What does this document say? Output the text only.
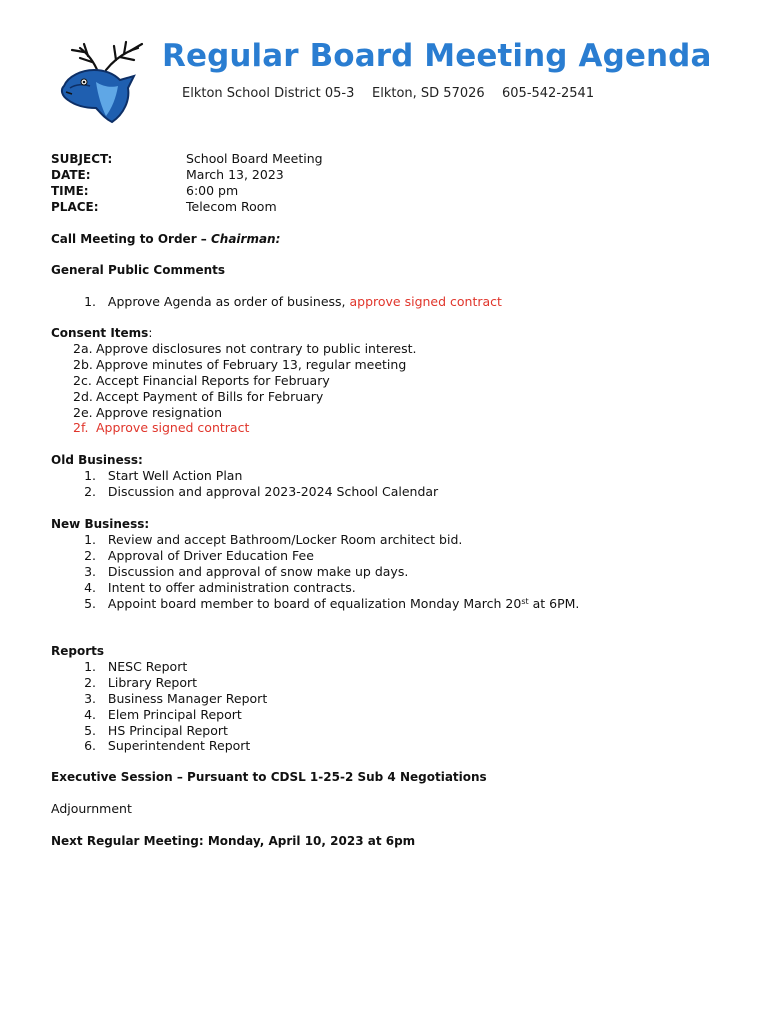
Regular Board Meeting Agenda
Elkton School District 05-3 Elkton, SD 57026 605-542-2541
SUBJECT:	School Board Meeting
DATE:	March 13, 2023
TIME:	6:00 pm
PLACE:	Telecom Room
Call Meeting to Order – Chairman:
General Public Comments
1. Approve Agenda as order of business, approve signed contract
Consent Items:
2a. Approve disclosures not contrary to public interest.
2b. Approve minutes of February 13, regular meeting
2c. Accept Financial Reports for February
2d. Accept Payment of Bills for February
2e. Approve resignation
2f. Approve signed contract
Old Business:
1. Start Well Action Plan
2. Discussion and approval 2023-2024 School Calendar
New Business:
1. Review and accept Bathroom/Locker Room architect bid.
2. Approval of Driver Education Fee
3. Discussion and approval of snow make up days.
4. Intent to offer administration contracts.
5. Appoint board member to board of equalization Monday March 20st at 6PM.
Reports
1. NESC Report
2. Library Report
3. Business Manager Report
4. Elem Principal Report
5. HS Principal Report
6. Superintendent Report
Executive Session – Pursuant to CDSL 1-25-2 Sub 4 Negotiations
Adjournment
Next Regular Meeting: Monday, April 10, 2023 at 6pm
